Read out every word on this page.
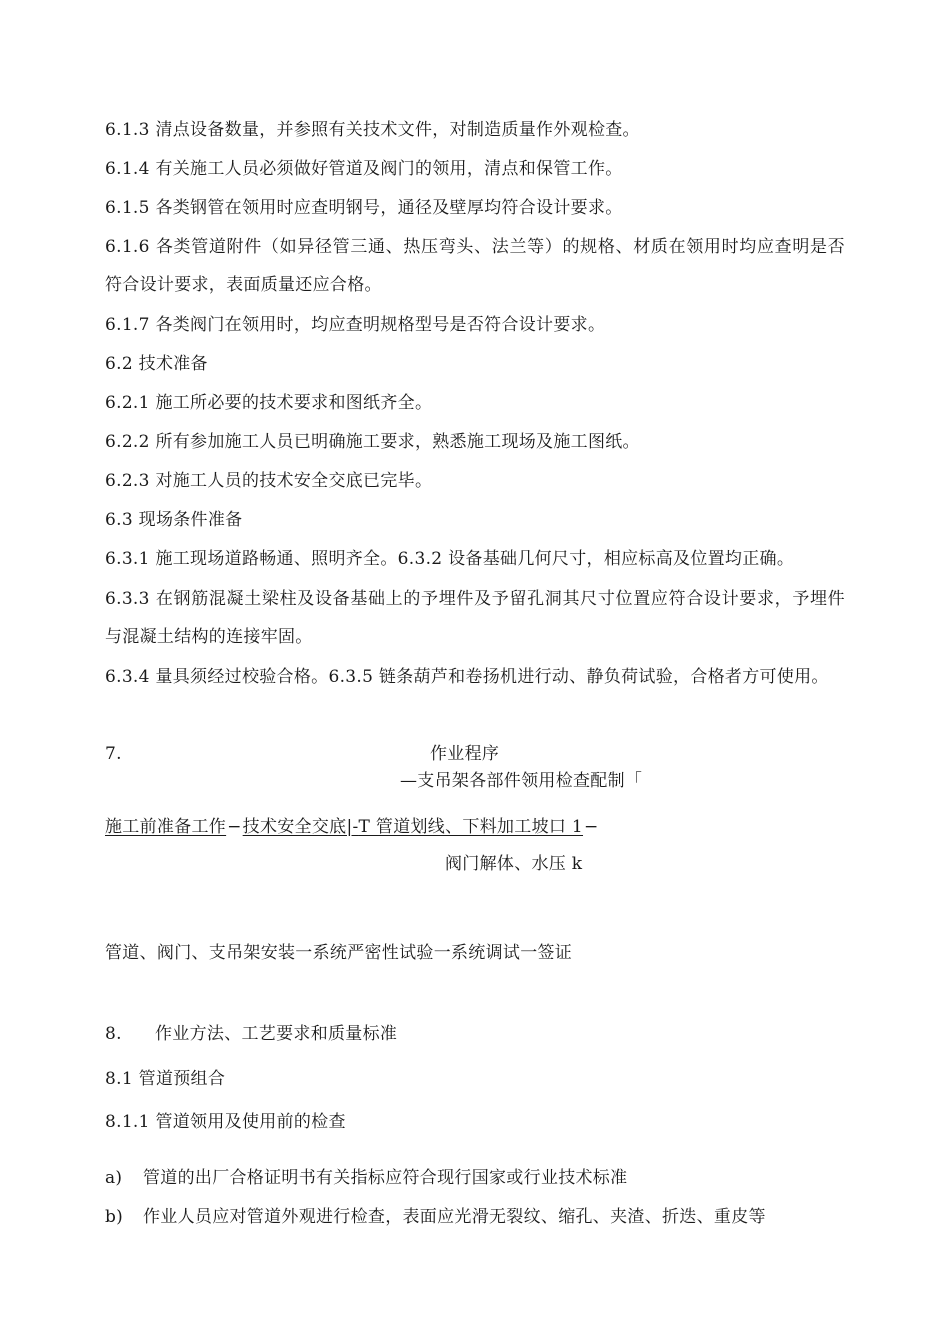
6.1.3 清点设备数量，并参照有关技术文件，对制造质量作外观检查。
6.1.4 有关施工人员必须做好管道及阀门的领用，清点和保管工作。
6.1.5 各类钢管在领用时应查明钢号，通径及壁厚均符合设计要求。
6.1.6 各类管道附件（如异径管三通、热压弯头、法兰等）的规格、材质在领用时均应查明是否符合设计要求，表面质量还应合格。
6.1.7 各类阀门在领用时，均应查明规格型号是否符合设计要求。
6.2 技术准备
6.2.1 施工所必要的技术要求和图纸齐全。
6.2.2 所有参加施工人员已明确施工要求，熟悉施工现场及施工图纸。
6.2.3 对施工人员的技术安全交底已完毕。
6.3 现场条件准备
6.3.1 施工现场道路畅通、照明齐全。6.3.2 设备基础几何尺寸，相应标高及位置均正确。
6.3.3 在钢筋混凝土梁柱及设备基础上的予埋件及予留孔洞其尺寸位置应符合设计要求，予埋件与混凝土结构的连接牢固。
6.3.4 量具须经过校验合格。6.3.5 链条葫芦和卷扬机进行动、静负荷试验，合格者方可使用。
7.	作业程序
—支吊架各部件领用检查配制「
施工前准备工作−技术安全交底|-T 管道划线、下料加工坡口 1−
阀门解体、水压 k
管道、阀门、支吊架安装一系统严密性试验一系统调试一签证
8.	作业方法、工艺要求和质量标准
8.1 管道预组合
8.1.1 管道领用及使用前的检查
a)	管道的出厂合格证明书有关指标应符合现行国家或行业技术标准
b)	作业人员应对管道外观进行检查，表面应光滑无裂纹、缩孔、夹渣、折迭、重皮等
